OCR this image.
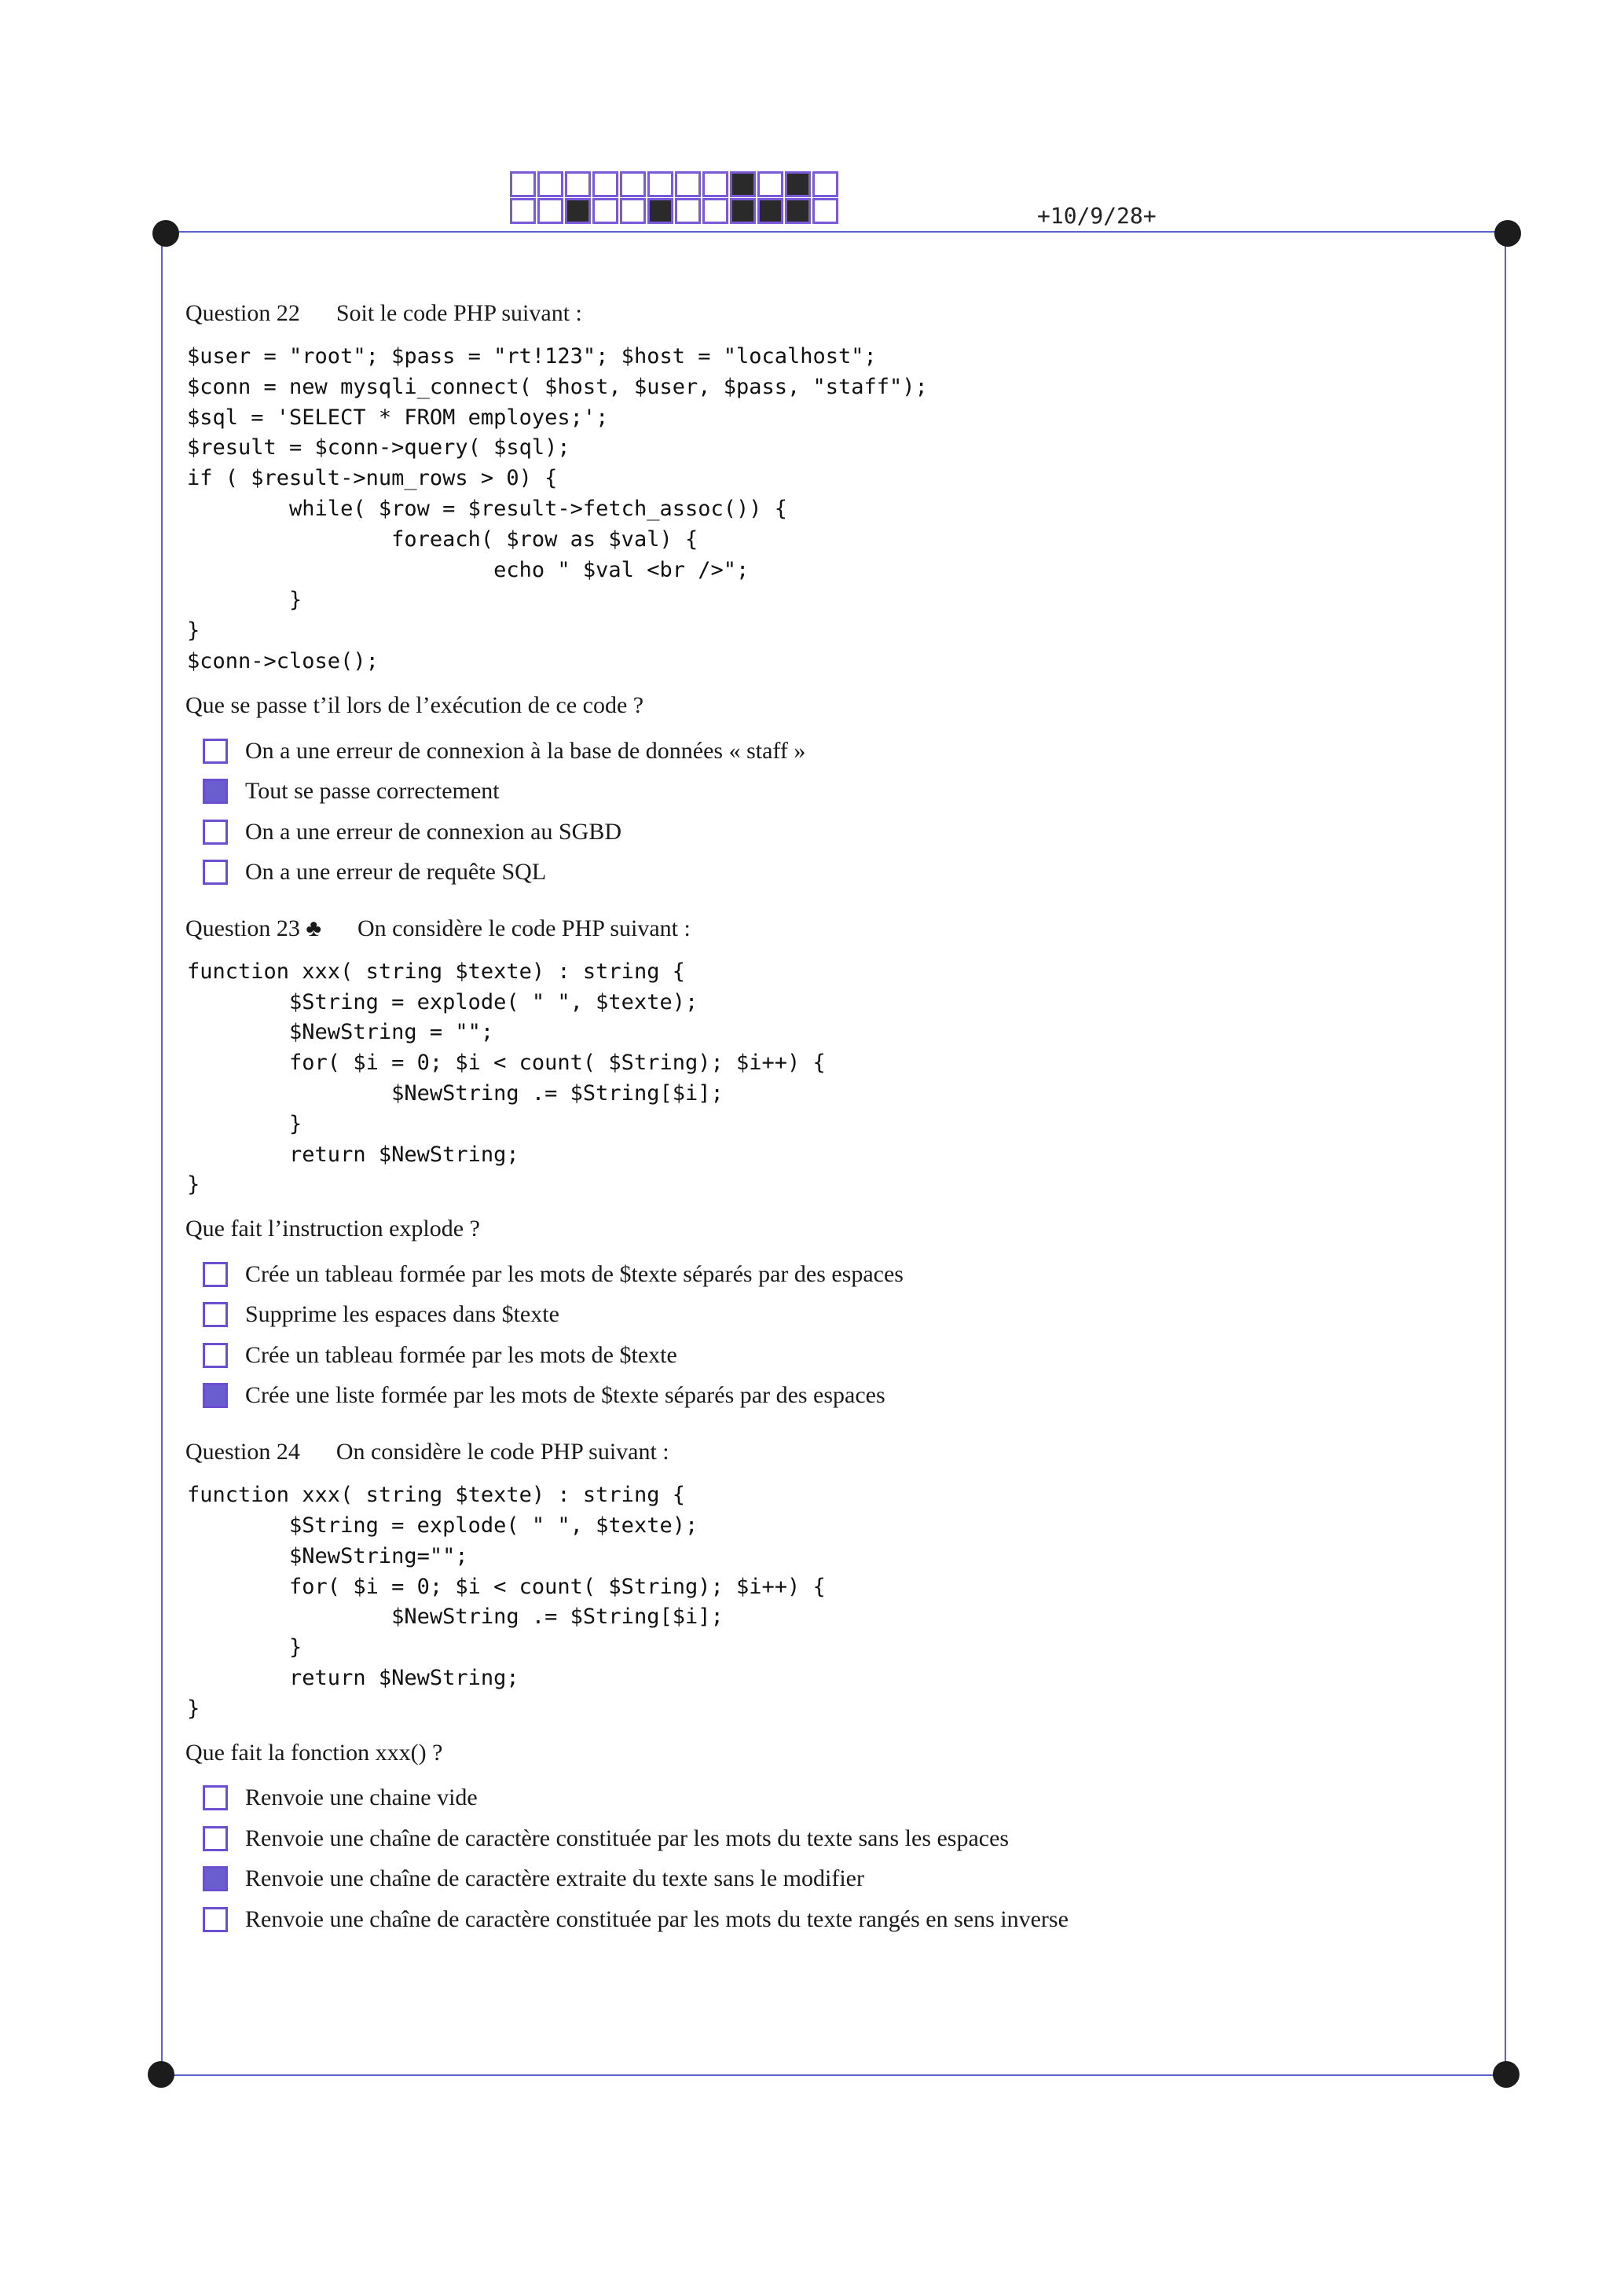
+10/9/28+

Question 22 Soit le code PHP suivant :

$user = "root"; $pass = "rt!123"; $host = "localhost";
$conn = new mysqli_connect( $host, $user, $pass, "staff");
$sql = 'SELECT * FROM employes;';
$result = $conn->query( $sql);
if ( $result->num_rows > 0) {
while( $row = $result->fetch_assoc()) {
foreach( $row as $val) {
echo " $val <br />";
}
}
$conn->close();

Que se passe t’il lors de l’exécution de ce code ?

On a une erreur de connexion à la base de données « staff »
Tout se passe correctement
On a une erreur de connexion au SGBD
On a une erreur de requête SQL

Question 23 ♣ On considère le code PHP suivant :

function xxx( string $texte) : string {
$String = explode( " ", $texte);
$NewString = "";
for( $i = 0; $i < count( $String); $i++) {
$NewString .= $String[$i];
}
return $NewString;
}

Que fait l’instruction explode ?

Crée un tableau formée par les mots de $texte séparés par des espaces
Supprime les espaces dans $texte
Crée un tableau formée par les mots de $texte
Crée une liste formée par les mots de $texte séparés par des espaces

Question 24 On considère le code PHP suivant :

function xxx( string $texte) : string {
$String = explode( " ", $texte);
$NewString="";
for( $i = 0; $i < count( $String); $i++) {
$NewString .= $String[$i];
}
return $NewString;
}

Que fait la fonction xxx() ?

Renvoie une chaine vide
Renvoie une chaîne de caractère constituée par les mots du texte sans les espaces
Renvoie une chaîne de caractère extraite du texte sans le modifier
Renvoie une chaîne de caractère constituée par les mots du texte rangés en sens inverse
